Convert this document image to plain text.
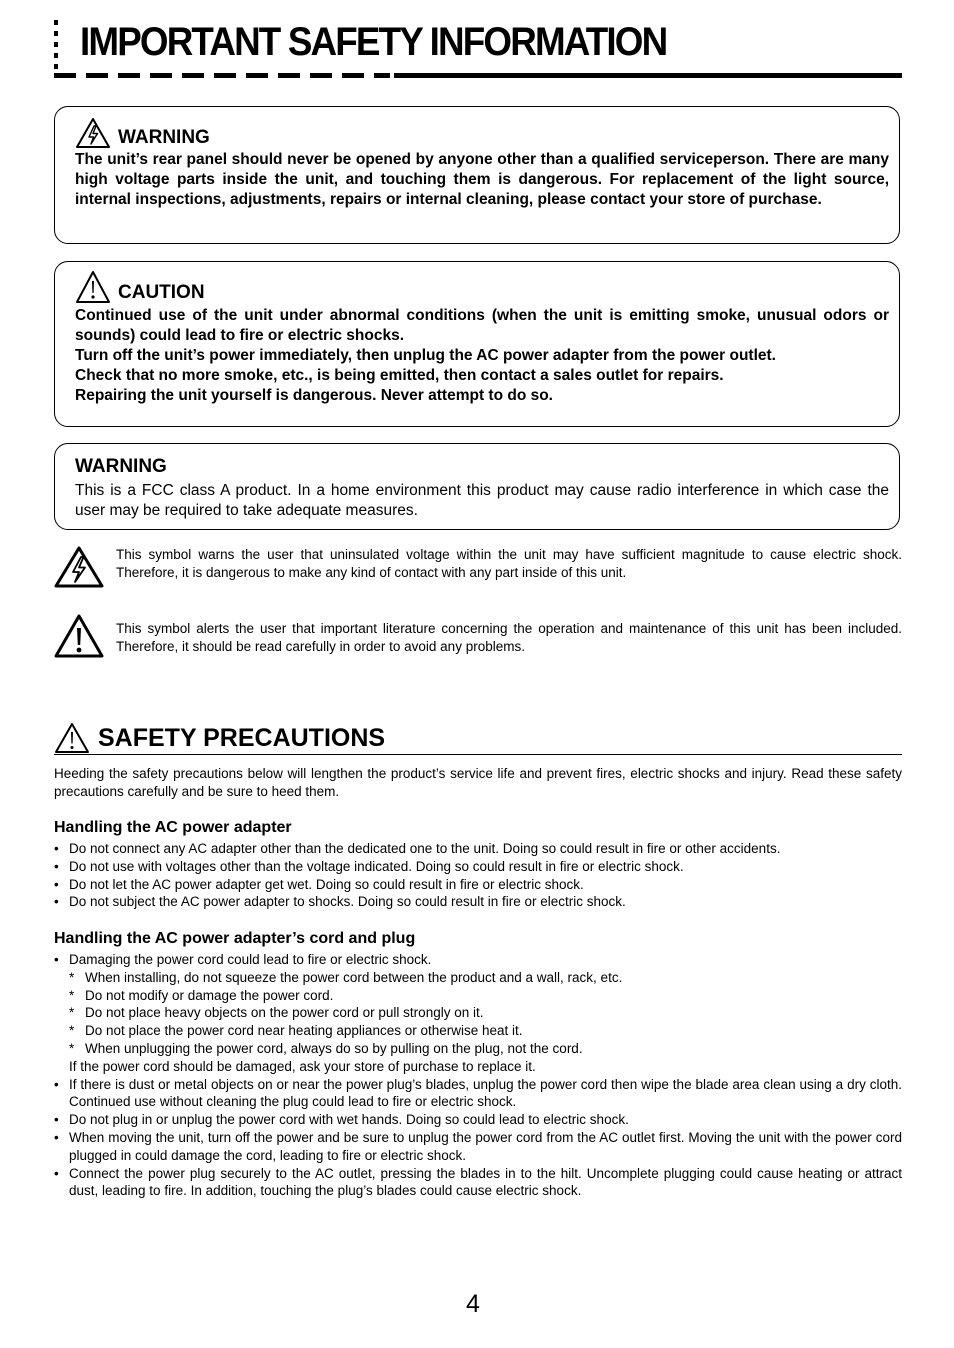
IMPORTANT SAFETY INFORMATION
WARNING

The unit’s rear panel should never be opened by anyone other than a qualified serviceperson. There are many high voltage parts inside the unit, and touching them is dangerous. For replacement of the light source, internal inspections, adjustments, repairs or internal cleaning, please contact your store of purchase.

CAUTION

Continued use of the unit under abnormal conditions (when the unit is emitting smoke, unusual odors or sounds) could lead to fire or electric shocks.

Turn off the unit’s power immediately, then unplug the AC power adapter from the power outlet.

Check that no more smoke, etc., is being emitted, then contact a sales outlet for repairs.

Repairing the unit yourself is dangerous. Never attempt to do so.

WARNING

This is a FCC class A product. In a home environment this product may cause radio interference in which case the user may be required to take adequate measures.

This symbol warns the user that uninsulated voltage within the unit may have sufficient magnitude to cause electric shock. Therefore, it is dangerous to make any kind of contact with any part inside of this unit.
This symbol alerts the user that important literature concerning the operation and maintenance of this unit has been included. Therefore, it should be read carefully in order to avoid any problems.
SAFETY PRECAUTIONS

Heeding the safety precautions below will lengthen the product’s service life and prevent fires, electric shocks and injury. Read these safety precautions carefully and be sure to heed them.

Handling the AC power adapter
• Do not connect any AC adapter other than the dedicated one to the unit. Doing so could result in fire or other accidents.
• Do not use with voltages other than the voltage indicated. Doing so could result in fire or electric shock.
• Do not let the AC power adapter get wet. Doing so could result in fire or electric shock.
• Do not subject the AC power adapter to shocks. Doing so could result in fire or electric shock.
Handling the AC power adapter’s cord and plug
• Damaging the power cord could lead to fire or electric shock.
* When installing, do not squeeze the power cord between the product and a wall, rack, etc.
* Do not modify or damage the power cord.
* Do not place heavy objects on the power cord or pull strongly on it.
* Do not place the power cord near heating appliances or otherwise heat it.
* When unplugging the power cord, always do so by pulling on the plug, not the cord.
If the power cord should be damaged, ask your store of purchase to replace it.
• If there is dust or metal objects on or near the power plug’s blades, unplug the power cord then wipe the blade area clean using a dry cloth. Continued use without cleaning the plug could lead to fire or electric shock.
• Do not plug in or unplug the power cord with wet hands. Doing so could lead to electric shock.
• When moving the unit, turn off the power and be sure to unplug the power cord from the AC outlet first. Moving the unit with the power cord plugged in could damage the cord, leading to fire or electric shock.
• Connect the power plug securely to the AC outlet, pressing the blades in to the hilt. Uncomplete plugging could cause heating or attract dust, leading to fire. In addition, touching the plug’s blades could cause electric shock.
4
